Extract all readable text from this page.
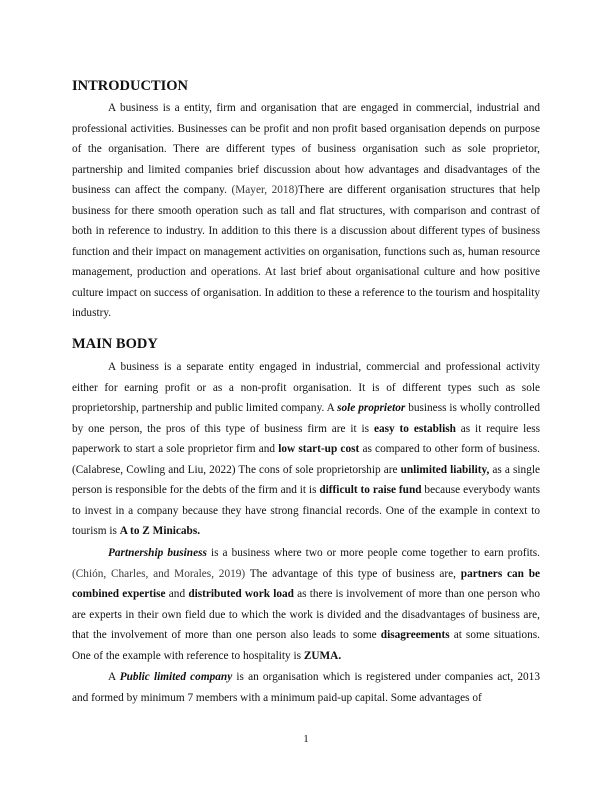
INTRODUCTION

A business is a entity, firm and organisation that are engaged in commercial, industrial and professional activities. Businesses can be profit and non profit based organisation depends on purpose of the organisation. There are different types of business organisation such as sole proprietor, partnership and limited companies brief discussion about how advantages and disadvantages of the business can affect the company. (Mayer, 2018)There are different organisation structures that help business for there smooth operation such as tall and flat structures, with comparison and contrast of both in reference to industry. In addition to this there is a discussion about different types of business function and their impact on management activities on organisation, functions such as, human resource management, production and operations. At last brief about organisational culture and how positive culture impact on success of organisation. In addition to these a reference to the tourism and hospitality industry.

MAIN BODY

A business is a separate entity engaged in industrial, commercial and professional activity either for earning profit or as a non-profit organisation. It is of different types such as sole proprietorship, partnership and public limited company. A sole proprietor business is wholly controlled by one person, the pros of this type of business firm are it is easy to establish as it require less paperwork to start a sole proprietor firm and low start-up cost as compared to other form of business. (Calabrese, Cowling and Liu, 2022) The cons of sole proprietorship are unlimited liability, as a single person is responsible for the debts of the firm and it is difficult to raise fund because everybody wants to invest in a company because they have strong financial records. One of the example in context to tourism is A to Z Minicabs.

Partnership business is a business where two or more people come together to earn profits. (Chión, Charles, and Morales, 2019) The advantage of this type of business are, partners can be combined expertise and distributed work load as there is involvement of more than one person who are experts in their own field due to which the work is divided and the disadvantages of business are, that the involvement of more than one person also leads to some disagreements at some situations. One of the example with reference to hospitality is ZUMA.

A Public limited company is an organisation which is registered under companies act, 2013 and formed by minimum 7 members with a minimum paid-up capital. Some advantages of

1
